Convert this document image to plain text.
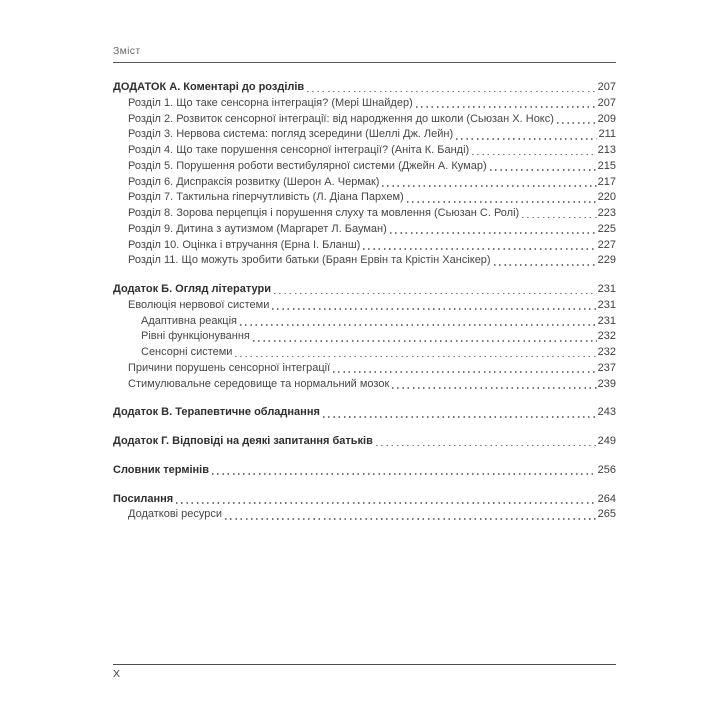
Зміст
ДОДАТОК А. Коментарі до розділів	207
Розділ 1. Що таке сенсорна інтеграція? (Мері Шнайдер)	207
Розділ 2. Розвиток сенсорної інтеграції: від народження до школи (Сьюзан Х. Нокс)	209
Розділ 3. Нервова система: погляд зсередини (Шеллі Дж. Лейн)	211
Розділ 4. Що таке порушення сенсорної інтеграції? (Аніта К. Банді)	213
Розділ 5. Порушення роботи вестибулярної системи (Джейн А. Кумар)	215
Розділ 6. Диспраксія розвитку (Шерон А. Чермак)	217
Розділ 7. Тактильна гіперчутливість (Л. Діана Пархем)	220
Розділ 8. Зорова перцепція і порушення слуху та мовлення (Сьюзан С. Ролі)	223
Розділ 9. Дитина з аутизмом (Маргарет Л. Бауман)	225
Розділ 10. Оцінка і втручання (Ерна І. Бланш)	227
Розділ 11. Що можуть зробити батьки (Браян Ервін та Крістін Хансікер)	229
Додаток Б. Огляд літератури	231
Еволюція нервової системи	231
Адаптивна реакція	231
Рівні функціонування	232
Сенсорні системи	232
Причини порушень сенсорної інтеграції	237
Стимулювальне середовище та нормальний мозок	239
Додаток В. Терапевтичне обладнання	243
Додаток Г. Відповіді на деякі запитання батьків	249
Словник термінів	256
Посилання	264
Додаткові ресурси	265
X
